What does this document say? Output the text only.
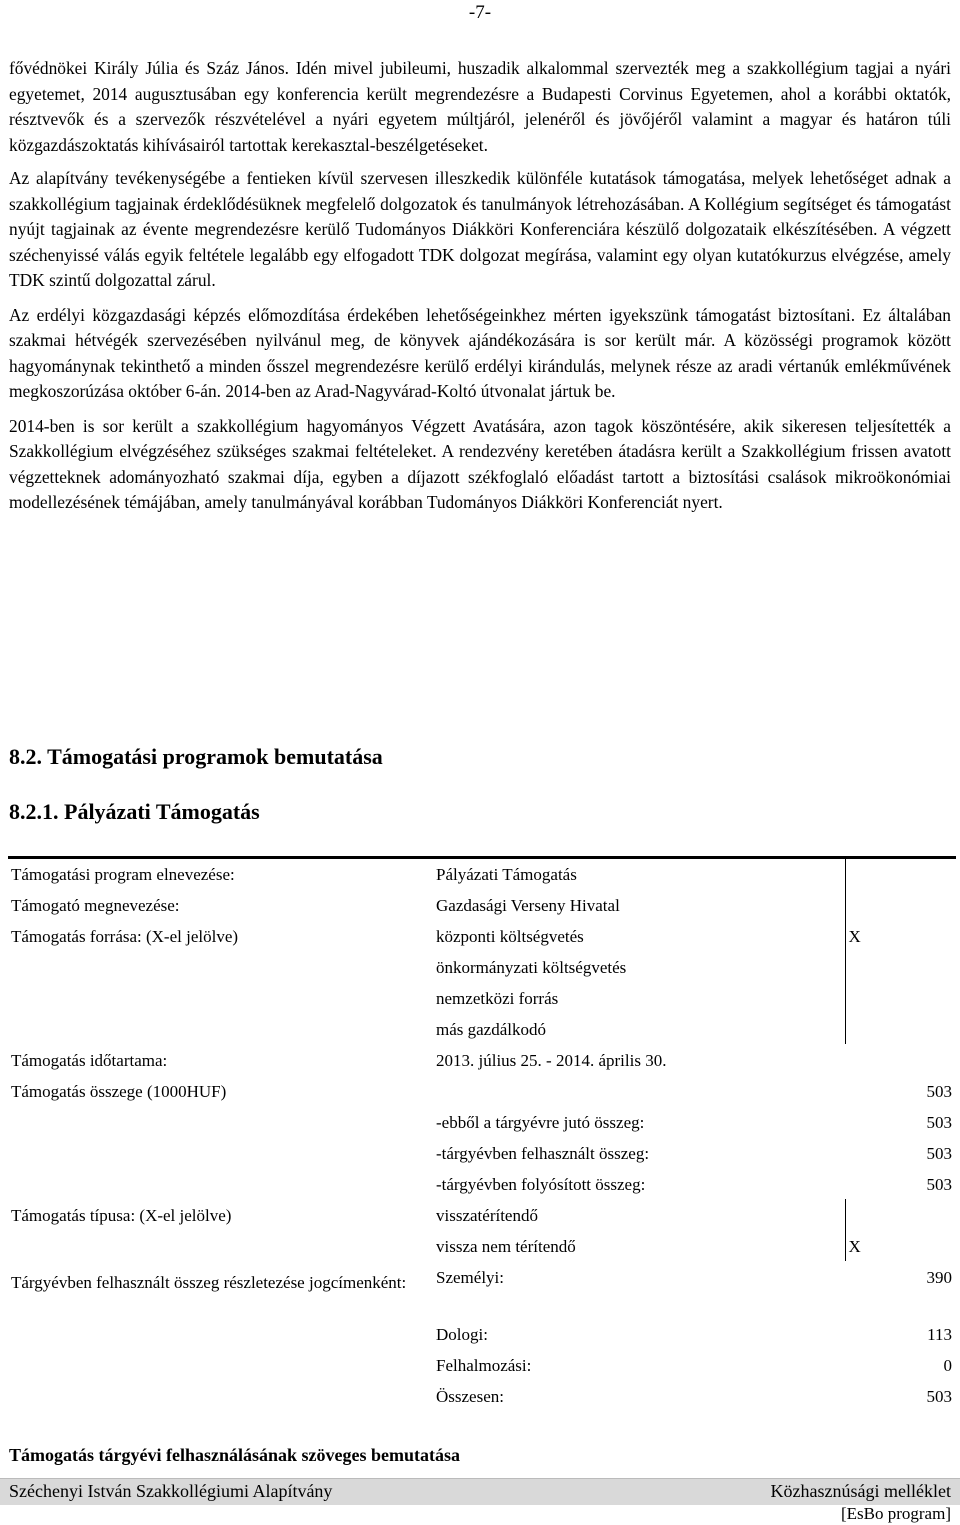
-7-

fővédnökei Király Júlia és Száz János. Idén mivel jubileumi, huszadik alkalommal szervezték meg a szakkollégium tagjai a nyári egyetemet, 2014 augusztusában egy konferencia került megrendezésre a Budapesti Corvinus Egyetemen, ahol a korábbi oktatók, résztvevők és a szervezők részvételével a nyári egyetem múltjáról, jelenéről és jövőjéről valamint a magyar és határon túli közgazdászoktatás kihívásairól tartottak kerekasztal-beszélgetéseket.

Az alapítvány tevékenységébe a fentieken kívül szervesen illeszkedik különféle kutatások támogatása, melyek lehetőséget adnak a szakkollégium tagjainak érdeklődésüknek megfelelő dolgozatok és tanulmányok létrehozásában. A Kollégium segítséget és támogatást nyújt tagjainak az évente megrendezésre kerülő Tudományos Diákköri Konferenciára készülő dolgozataik elkészítésében. A végzett széchenyissé válás egyik feltétele legalább egy elfogadott TDK dolgozat megírása, valamint egy olyan kutatókurzus elvégzése, amely TDK szintű dolgozattal zárul.

Az erdélyi közgazdasági képzés előmozdítása érdekében lehetőségeinkhez mérten igyekszünk támogatást biztosítani. Ez általában szakmai hétvégék szervezésében nyilvánul meg, de könyvek ajándékozására is sor került már. A közösségi programok között hagyománynak tekinthető a minden ősszel megrendezésre kerülő erdélyi kirándulás, melynek része az aradi vértanúk emlékművének megkoszorúzása október 6-án. 2014-ben az Arad-Nagyvárad-Koltó útvonalat jártuk be.

2014-ben is sor került a szakkollégium hagyományos Végzett Avatására, azon tagok köszöntésére, akik sikeresen teljesítették a Szakkollégium elvégzéséhez szükséges szakmai feltételeket. A rendezvény keretében átadásra került a Szakkollégium frissen avatott végzetteknek adományozható szakmai díja, egyben a díjazott székfoglaló előadást tartott a biztosítási csalások mikroökonómiai modellezésének témájában, amely tanulmányával korábban Tudományos Diákköri Konferenciát nyert.

8.2. Támogatási programok bemutatása
8.2.1. Pályázati Támogatás
Támogatási program elnevezése:	Pályázati Támogatás	
Támogató megnevezése:	Gazdasági Verseny Hivatal	
Támogatás forrása: (X-el jelölve)	központi költségvetés	X
	önkormányzati költségvetés	
	nemzetközi forrás	
	más gazdálkodó	
Támogatás időtartama:	2013. július 25. - 2014. április 30.	
Támogatás összege (1000HUF)		503
	-ebből a tárgyévre jutó összeg:	503
	-tárgyévben felhasznált összeg:	503
	-tárgyévben folyósított összeg:	503
Támogatás típusa: (X-el jelölve)	visszatérítendő	
	vissza nem térítendő	X
Tárgyévben felhasznált összeg részletezése jogcímenként:	Személyi:	390

	Dologi:	113
	Felhalmozási:	0
	Összesen:	503
Támogatás tárgyévi felhasználásának szöveges bemutatása
Széchenyi István Szakkollégiumi Alapítvány	Közhasznúsági melléklet
[EsBo program]
